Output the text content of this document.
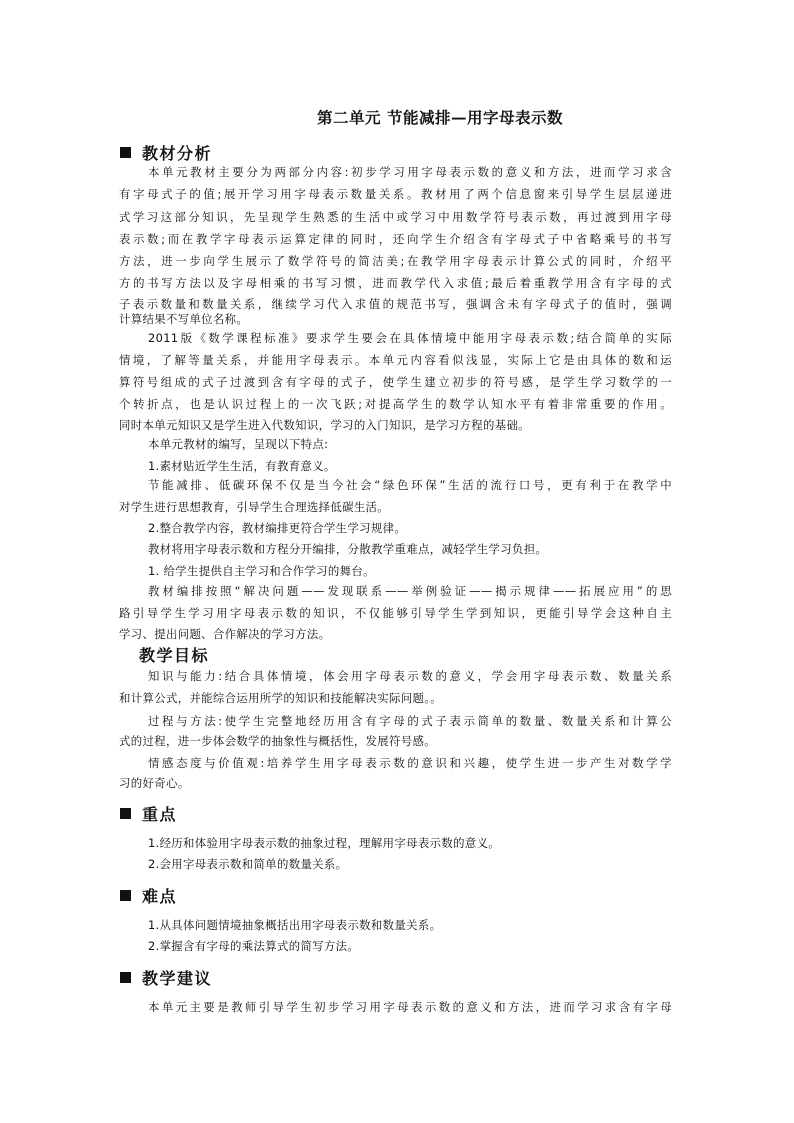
第二单元 节能减排—用字母表示数
教材分析
本单元教材主要分为两部分内容:初步学习用字母表示数的意义和方法，进而学习求含
有字母式子的值;展开学习用字母表示数量关系。教材用了两个信息窗来引导学生层层递进
式学习这部分知识，先呈现学生熟悉的生活中或学习中用数学符号表示数，再过渡到用字母
表示数;而在教学字母表示运算定律的同时，还向学生介绍含有字母式子中省略乘号的书写
方法，进一步向学生展示了数学符号的简洁美;在教学用字母表示计算公式的同时，介绍平
方的书写方法以及字母相乘的书写习惯，进而教学代入求值;最后着重教学用含有字母的式
子表示数量和数量关系，继续学习代入求值的规范书写，强调含未有字母式子的值时，强调
计算结果不写单位名称。
2011版《数学课程标准》要求学生要会在具体情境中能用字母表示数;结合简单的实际
情境，了解等量关系，并能用字母表示。本单元内容看似浅显，实际上它是由具体的数和运
算符号组成的式子过渡到含有字母的式子，使学生建立初步的符号感，是学生学习数学的一
个转折点，也是认识过程上的一次飞跃;对提高学生的数学认知水平有着非常重要的作用。
同时本单元知识又是学生进入代数知识，学习的入门知识，是学习方程的基础。
本单元教材的编写，呈现以下特点:
1.素材贴近学生生活，有教育意义。
节能减排、低碳环保不仅是当今社会“绿色环保”生活的流行口号，更有利于在教学中
对学生进行思想教育，引导学生合理选择低碳生活。
2.整合教学内容，教材编排更符合学生学习规律。
教材将用字母表示数和方程分开编排，分散教学重难点，减轻学生学习负担。
1. 给学生提供自主学习和合作学习的舞台。
教材编排按照“解决问题——发现联系——举例验证——揭示规律——拓展应用”的思
路引导学生学习用字母表示数的知识，不仅能够引导学生学到知识，更能引导学会这种自主
学习、提出问题、合作解决的学习方法。
教学目标
知识与能力:结合具体情境，体会用字母表示数的意义，学会用字母表示数、数量关系
和计算公式，并能综合运用所学的知识和技能解决实际问题。。
过程与方法:使学生完整地经历用含有字母的式子表示简单的数量、数量关系和计算公
式的过程，进一步体会数学的抽象性与概括性，发展符号感。
情感态度与价值观:培养学生用字母表示数的意识和兴趣，使学生进一步产生对数学学
习的好奇心。
重点
1.经历和体验用字母表示数的抽象过程，理解用字母表示数的意义。
2.会用字母表示数和简单的数量关系。
难点
1.从具体问题情境抽象概括出用字母表示数和数量关系。
2.掌握含有字母的乘法算式的简写方法。
教学建议
本单元主要是教师引导学生初步学习用字母表示数的意义和方法，进而学习求含有字母
